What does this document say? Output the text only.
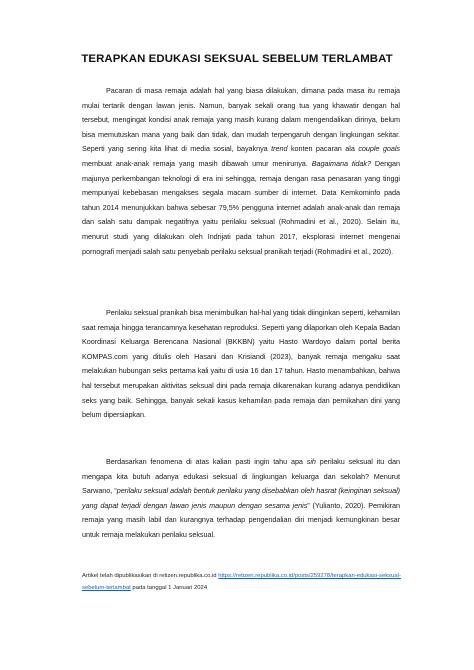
TERAPKAN EDUKASI SEKSUAL SEBELUM TERLAMBAT

Pacaran di masa remaja adalah hal yang biasa dilakukan, dimana pada masa itu remaja mulai tertarik dengan lawan jenis. Namun, banyak sekali orang tua yang khawatir dengan hal tersebut, mengingat kondisi anak remaja yang masih kurang dalam mengendalikan dirinya, belum bisa memutuskan mana yang baik dan tidak, dan mudah terpengaruh dengan lingkungan sekitar. Seperti yang sering kita lihat di media sosial, bayaknya trend konten pacaran ala couple goals membuat anak-anak remaja yang masih dibawah umur menirunya. Bagaimana tidak? Dengan majunya perkembangan teknologi di era ini sehingga, remaja dengan rasa penasaran yang tinggi mempunyai kebebasan mengakses segala macam sumber di internet. Data Kemkominfo pada tahun 2014 menunjukkan bahwa sebesar 79,5% pengguna internet adalah anak-anak dan remaja dan salah satu dampak negatifnya yaitu perilaku seksual (Rohmadini et al., 2020). Selain itu, menurut studi yang dilakukan oleh Indrijati pada tahun 2017, eksplorasi internet mengenai pornografi menjadi salah satu penyebab perilaku seksual pranikah terjadi (Rohmadini et al., 2020).

Perilaku seksual pranikah bisa menimbulkan hal-hal yang tidak diinginkan seperti, kehamilan saat remaja hingga terancamnya kesehatan reproduksi. Seperti yang dilaporkan oleh Kepala Badan Koordinasi Keluarga Berencana Nasional (BKKBN) yaitu Hasto Wardoyo dalam portal berita KOMPAS.com yang ditulis oleh Hasani dan Krisiandi (2023), banyak remaja mengaku saat melakukan hubungan seks pertama kali yaitu di usia 16 dan 17 tahun. Hasto menambahkan, bahwa hal tersebut merupakan aktivitas seksual dini pada remaja dikarenakan kurang adanya pendidikan seks yang baik. Sehingga, banyak sekali kasus kehamilan pada remaja dan pernikahan dini yang belum dipersiapkan.

Berdasarkan fenomena di atas kalian pasti ingin tahu apa sih perilaku seksual itu dan mengapa kita butuh adanya edukasi seksual di lingkungan keluarga dan sekolah? Menurut Sarwano, “perilaku seksual adalah bentuk perilaku yang disebabkan oleh hasrat (keinginan seksual) yang dapat terjadi dengan lawan jenis maupun dengan sesama jenis” (Yulianto, 2020). Pemikiran remaja yang masih labil dan kurangnya terhadap pengendalian diri menjadi kemungkinan besar untuk remaja melakukan perilaku seksual.

Artikel telah dipublikasikan di retizen.republika.co.id https://retizen.republika.co.id/posts/259278/terapkan-edukasi-seksual-sebelum-terlambat pada tanggal 1 Januari 2024
